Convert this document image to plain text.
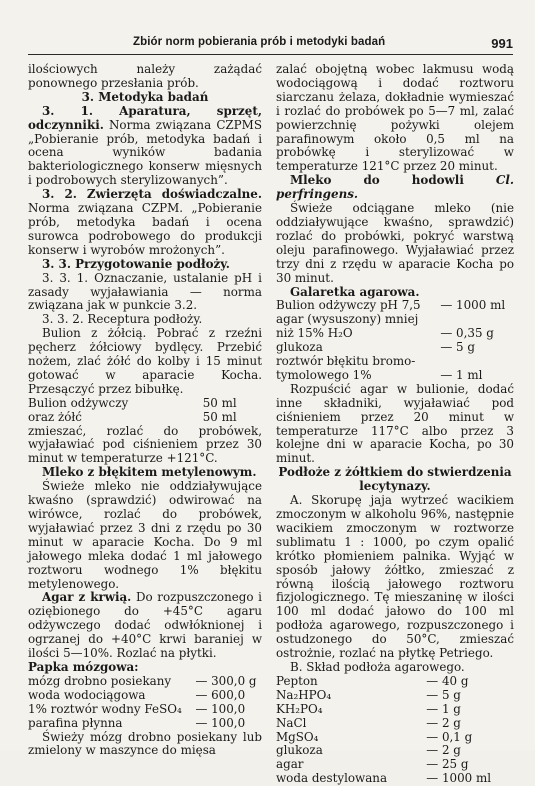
Zbiór norm pobierania prób i metodyki badań	991

ilościowych należy zażądać ponownego przesłania prób.

3. Metodyka badań

3. 1. Aparatura, sprzęt, odczynniki. Norma związana CZPMS „Pobieranie prób, metodyka badań i ocena wyników badania bakteriologicznego konserw mięsnych i podrobowych sterylizowanych”.

3. 2. Zwierzęta doświadczalne. Norma związana CZPM. „Pobieranie prób, metodyka badań i ocena surowca podrobowego do produkcji konserw i wyrobów mrożonych”.

3. 3. Przygotowanie podłoży.

3. 3. 1. Oznaczanie, ustalanie pH i zasady wyjaławiania — norma związana jak w punkcie 3.2.

3. 3. 2. Receptura podłoży.

Bulion z żółcią. Pobrać z rzeźni pęcherz żółciowy bydlęcy. Przebić nożem, zlać żółć do kolby i 15 minut gotować w aparacie Kocha. Przesączyć przez bibułkę.

Bulion odżywczy	50 ml
oraz żółć	50 ml

zmieszać, rozlać do probówek, wyjaławiać pod ciśnieniem przez 30 minut w temperaturze +121°C.

Mleko z błękitem metylenowym.

Świeże mleko nie oddziaływujące kwaśno (sprawdzić) odwirować na wirówce, rozlać do probówek, wyjaławiać przez 3 dni z rzędu po 30 minut w aparacie Kocha. Do 9 ml jałowego mleka dodać 1 ml jałowego roztworu wodnego 1% błękitu metylenowego.

Agar z krwią. Do rozpuszczonego i oziębionego do +45°C agaru odżywczego dodać odwłóknionej i ogrzanej do +40°C krwi baraniej w ilości 5—10%. Rozlać na płytki.

Papka mózgowa:

mózg drobno posiekany	— 300,0 g
woda wodociągowa	— 600,0
1% roztwór wodny FeSO₄	— 100,0
parafina płynna	— 100,0

Świeży mózg drobno posiekany lub zmielony w maszynce do mięsa

zalać obojętną wobec lakmusu wodą wodociągową i dodać roztworu siarczanu żelaza, dokładnie wymieszać i rozlać do probówek po 5—7 ml, zalać powierzchnię pożywki olejem parafinowym około 0,5 ml na probówkę i sterylizować w temperaturze 121°C przez 20 minut.

Mleko do hodowli	Cl. perfringens.

Świeże odciągane mleko (nie oddziaływujące kwaśno, sprawdzić) rozlać do probówki, pokryć warstwą oleju parafinowego. Wyjaławiać przez trzy dni z rzędu w aparacie Kocha po 30 minut.

Galaretka agarowa.

Bulion odżywczy pH 7,5	— 1000 ml
agar (wysuszony) mniej	
niż 15% H₂O	— 0,35 g
glukoza	— 5 g
roztwór błękitu bromo-	
tymolowego 1%	— 1 ml

Rozpuścić agar w bulionie, dodać inne składniki, wyjaławiać pod ciśnieniem przez 20 minut w temperaturze 117°C albo przez 3 kolejne dni w aparacie Kocha, po 30 minut.

Podłoże z żółtkiem do stwierdzenia lecytynazy.

A. Skorupę jaja wytrzeć wacikiem zmoczonym w alkoholu 96%, następnie wacikiem zmoczonym w roztworze sublimatu 1 : 1000, po czym opalić krótko płomieniem palnika. Wyjąć w sposób jałowy żółtko, zmieszać z równą ilością jałowego roztworu fizjologicznego. Tę mieszaninę w ilości 100 ml dodać jałowo do 100 ml podłoża agarowego, rozpuszczonego i ostudzonego do 50°C, zmieszać ostrożnie, rozlać na płytkę Petriego.

B. Skład podłoża agarowego.

Pepton	— 40 g
Na₂HPO₄	— 5 g
KH₂PO₄	— 1 g
NaCl	— 2 g
MgSO₄	— 0,1 g
glukoza	— 2 g
agar	— 25 g
woda destylowana	— 1000 ml
